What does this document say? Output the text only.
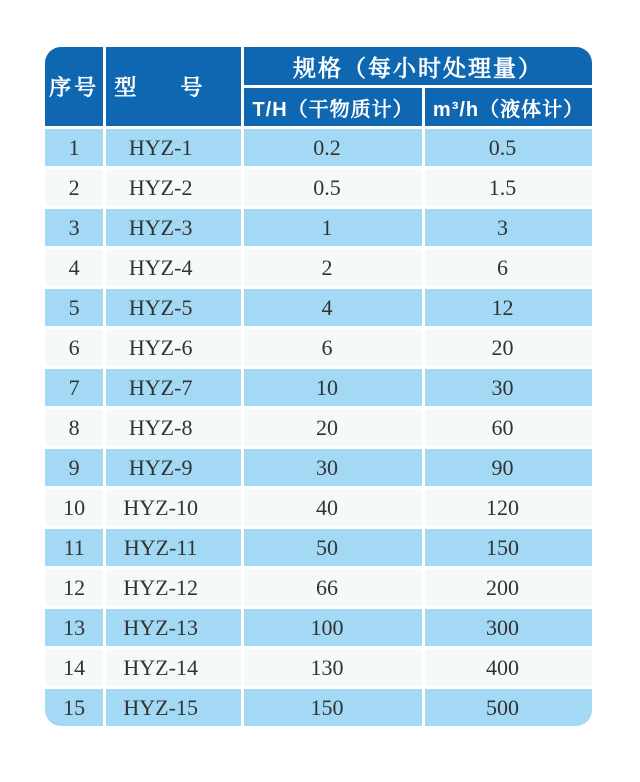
序号	型　　号	规格（每小时处理量）	
		T/H（干物质计）	m³/h（液体计）
1	HYZ-1	0.2	0.5
2	HYZ-2	0.5	1.5
3	HYZ-3	1	3
4	HYZ-4	2	6
5	HYZ-5	4	12
6	HYZ-6	6	20
7	HYZ-7	10	30
8	HYZ-8	20	60
9	HYZ-9	30	90
10	HYZ-10	40	120
11	HYZ-11	50	150
12	HYZ-12	66	200
13	HYZ-13	100	300
14	HYZ-14	130	400
15	HYZ-15	150	500
